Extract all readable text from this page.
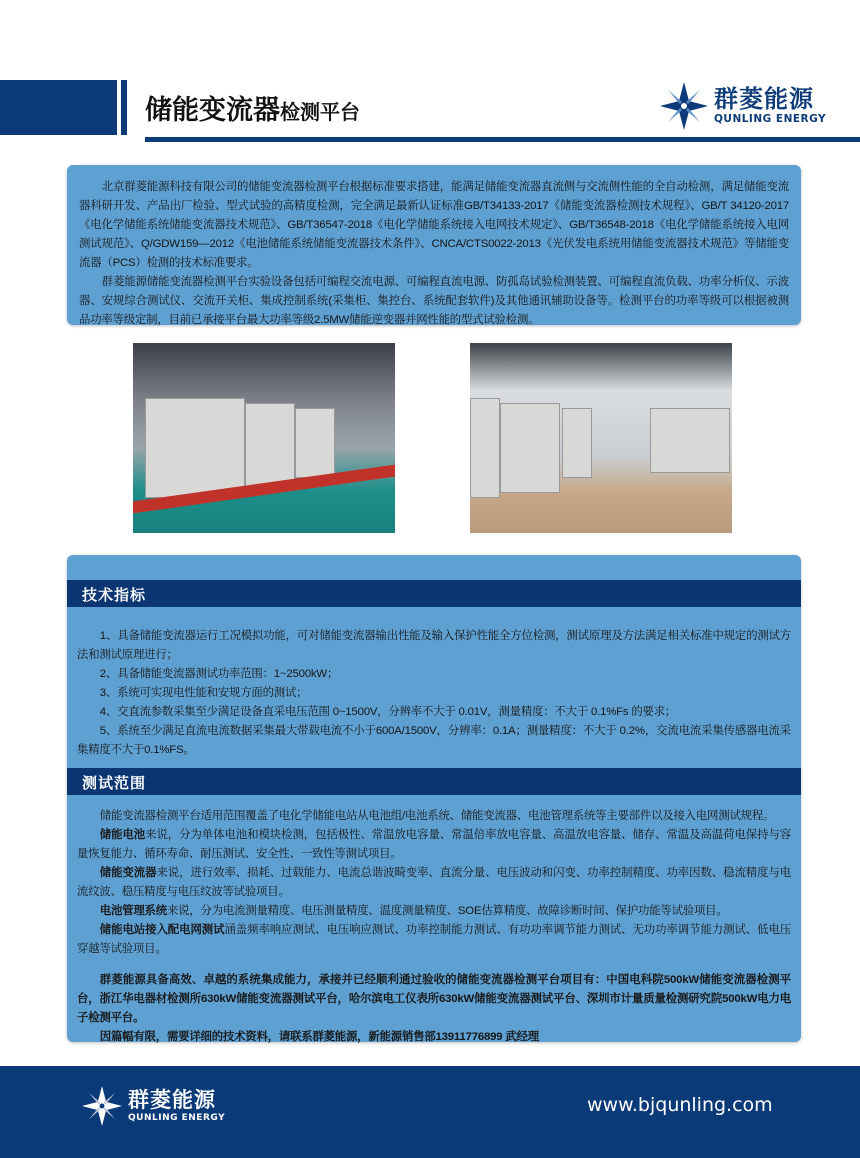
储能变流器检测平台	群菱能源
QUNLING ENERGY

北京群菱能源科技有限公司的储能变流器检测平台根据标准要求搭建，能满足储能变流器直流侧与交流侧性能的全自动检测，满足储能变流器科研开发、产品出厂检验、型式试验的高精度检测，完全满足最新认证标准GB/T34133-2017《储能变流器检测技术规程》、GB/T 34120-2017《电化学储能系统储能变流器技术规范》、GB/T36547-2018《电化学储能系统接入电网技术规定》、GB/T36548-2018《电化学储能系统接入电网测试规范》、Q/GDW159—2012《电池储能系统储能变流器技术条件》、CNCA/CTS0022-2013《光伏发电系统用储能变流器技术规范》等储能变流器（PCS）检测的技术标准要求。

群菱能源储能变流器检测平台实验设备包括可编程交流电源、可编程直流电源、防孤岛试验检测装置、可编程直流负载、功率分析仪、示波器、安规综合测试仪、交流开关柜、集成控制系统(采集柜、集控台、系统配套软件)及其他通讯辅助设备等。检测平台的功率等级可以根据被测品功率等级定制，目前已承接平台最大功率等级2.5MW储能逆变器并网性能的型式试验检测。

技术指标

1、具备储能变流器运行工况模拟功能，可对储能变流器输出性能及输入保护性能全方位检测，测试原理及方法满足相关标准中规定的测试方法和测试原理进行；

2、具备储能变流器测试功率范围：1~2500kW；

3、系统可实现电性能和安规方面的测试；

4、交直流参数采集至少满足设备直采电压范围 0~1500V，分辨率不大于 0.01V，测量精度：不大于 0.1%Fs 的要求；

5、系统至少满足直流电流数据采集最大带载电流不小于600A/1500V，分辨率：0.1A；测量精度：不大于 0.2%，交流电流采集传感器电流采集精度不大于0.1%FS。

测试范围

储能变流器检测平台适用范围覆盖了电化学储能电站从电池组/电池系统、储能变流器、电池管理系统等主要部件以及接入电网测试规程。

储能电池来说，分为单体电池和模块检测，包括极性、常温放电容量、常温倍率放电容量、高温放电容量、储存、常温及高温荷电保持与容量恢复能力、循环寿命、耐压测试、安全性、一致性等测试项目。

储能变流器来说，进行效率、损耗、过载能力、电流总谐波畸变率、直流分量、电压波动和闪变、功率控制精度、功率因数、稳流精度与电流纹波、稳压精度与电压纹波等试验项目。

电池管理系统来说，分为电流测量精度、电压测量精度、温度测量精度、SOE估算精度、故障诊断时间、保护功能等试验项目。

储能电站接入配电网测试涵盖频率响应测试、电压响应测试、功率控制能力测试、有功功率调节能力测试、无功功率调节能力测试、低电压穿越等试验项目。

群菱能源具备高效、卓越的系统集成能力，承接并已经顺利通过验收的储能变流器检测平台项目有：中国电科院500kW储能变流器检测平台，浙江华电器材检测所630kW储能变流器测试平台，哈尔滨电工仪表所630kW储能变流器测试平台、深圳市计量质量检测研究院500kW电力电子检测平台。

因篇幅有限，需要详细的技术资料，请联系群菱能源，新能源销售部13911776899 武经理

群菱能源
QUNLING ENERGY
www.bjqunling.com
